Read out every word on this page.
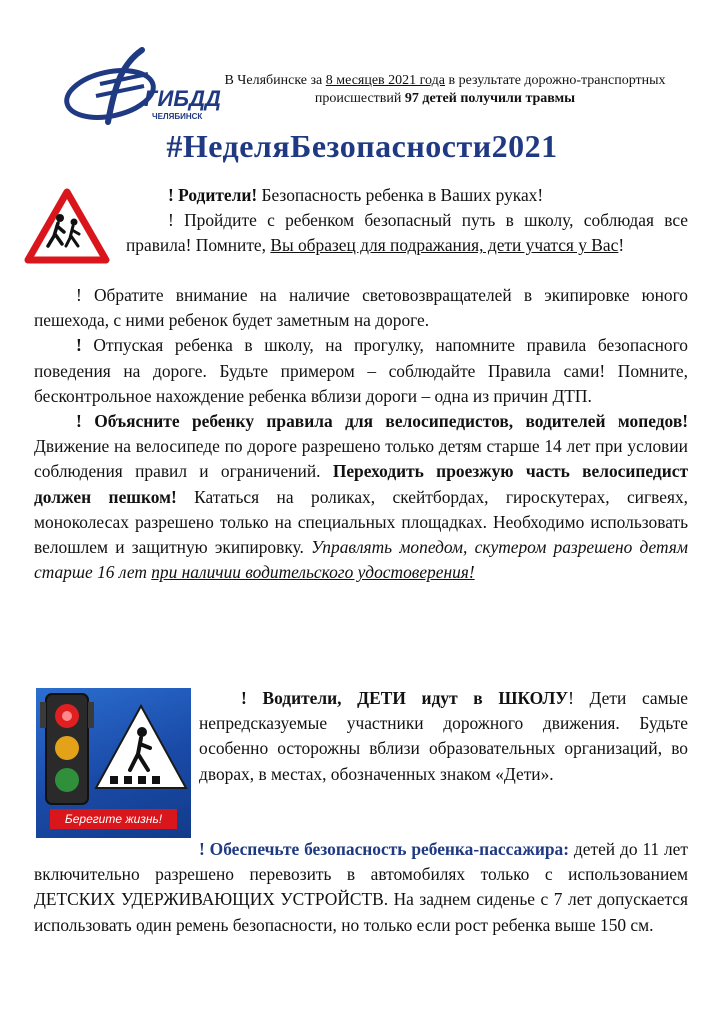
ГИБДД
ЧЕЛЯБИНСК
В Челябинске за 8 месяцев 2021 года в результате дорожно-транспортных происшествий 97 детей получили травмы
#НеделяБезопасности2021

! Родители! Безопасность ребенка в Ваших руках!

! Пройдите с ребенком безопасный путь в школу, соблюдая все правила! Помните, Вы образец для подражания, дети учатся у Вас!

! Обратите внимание на наличие световозвращателей в экипировке юного пешехода, с ними ребенок будет заметным на дороге.

! Отпуская ребенка в школу, на прогулку, напомните правила безопасного поведения на дороге. Будьте примером – соблюдайте Правила сами! Помните, бесконтрольное нахождение ребенка вблизи дороги – одна из причин ДТП.

! Объясните ребенку правила для велосипедистов, водителей мопедов! Движение на велосипеде по дороге разрешено только детям старше 14 лет при условии соблюдения правил и ограничений. Переходить проезжую часть велосипедист должен пешком! Кататься на роликах, скейтбордах, гироскутерах, сигвеях, моноколесах разрешено только на специальных площадках. Необходимо использовать велошлем и защитную экипировку. Управлять мопедом, скутером разрешено детям старше 16 лет при наличии водительского удостоверения!

Берегите жизнь!

! Водители, ДЕТИ идут в ШКОЛУ! Дети самые непредсказуемые участники дорожного движения. Будьте особенно осторожны вблизи образовательных организаций, во дворах, в местах, обозначенных знаком «Дети».

! Обеспечьте безопасность ребенка-пассажира: детей до 11 лет включительно разрешено перевозить в автомобилях только с использованием ДЕТСКИХ УДЕРЖИВАЮЩИХ УСТРОЙСТВ. На заднем сиденье с 7 лет допускается использовать один ремень безопасности, но только если рост ребенка выше 150 см.
